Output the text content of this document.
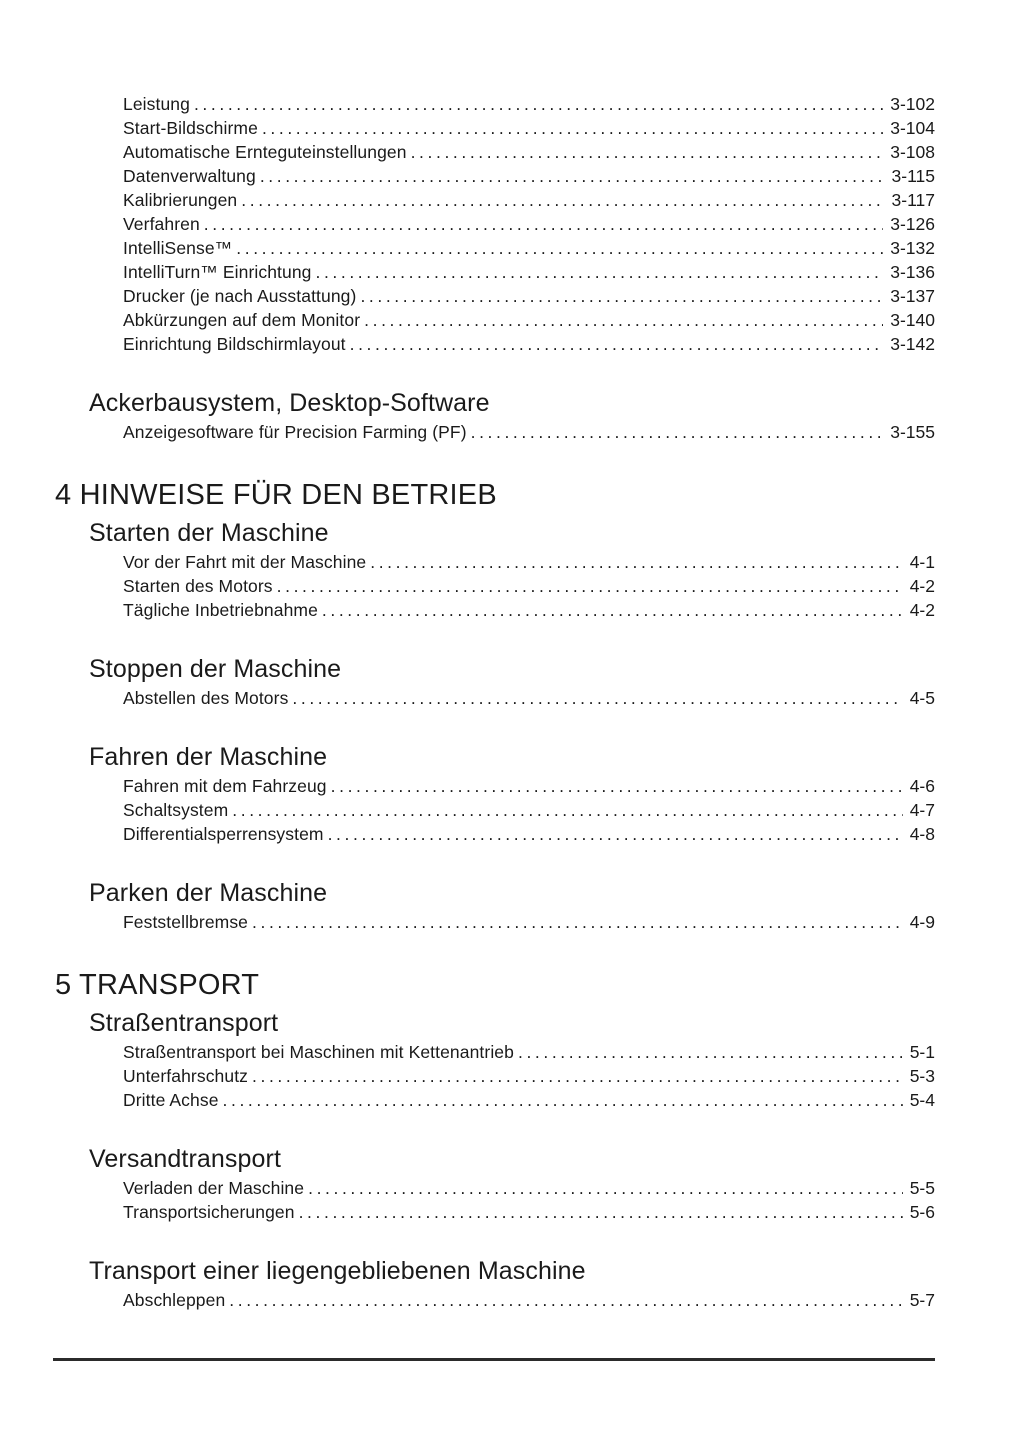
Leistung .....	3-102
Start-Bildschirme .....	3-104
Automatische Ernteguteinstellungen .....	3-108
Datenverwaltung .....	3-115
Kalibrierungen .....	3-117
Verfahren .....	3-126
IntelliSense™ .....	3-132
IntelliTurn™ Einrichtung .....	3-136
Drucker (je nach Ausstattung) .....	3-137
Abkürzungen auf dem Monitor .....	3-140
Einrichtung Bildschirmlayout .....	3-142
Ackerbausystem, Desktop-Software
Anzeigesoftware für Precision Farming (PF) .....	3-155
4 HINWEISE FÜR DEN BETRIEB
Starten der Maschine
Vor der Fahrt mit der Maschine .....	4-1
Starten des Motors .....	4-2
Tägliche Inbetriebnahme .....	4-2
Stoppen der Maschine
Abstellen des Motors .....	4-5
Fahren der Maschine
Fahren mit dem Fahrzeug .....	4-6
Schaltsystem .....	4-7
Differentialsperrensystem .....	4-8
Parken der Maschine
Feststellbremse .....	4-9
5 TRANSPORT
Straßentransport
Straßentransport bei Maschinen mit Kettenantrieb .....	5-1
Unterfahrschutz .....	5-3
Dritte Achse .....	5-4
Versandtransport
Verladen der Maschine .....	5-5
Transportsicherungen .....	5-6
Transport einer liegengebliebenen Maschine
Abschleppen .....	5-7
